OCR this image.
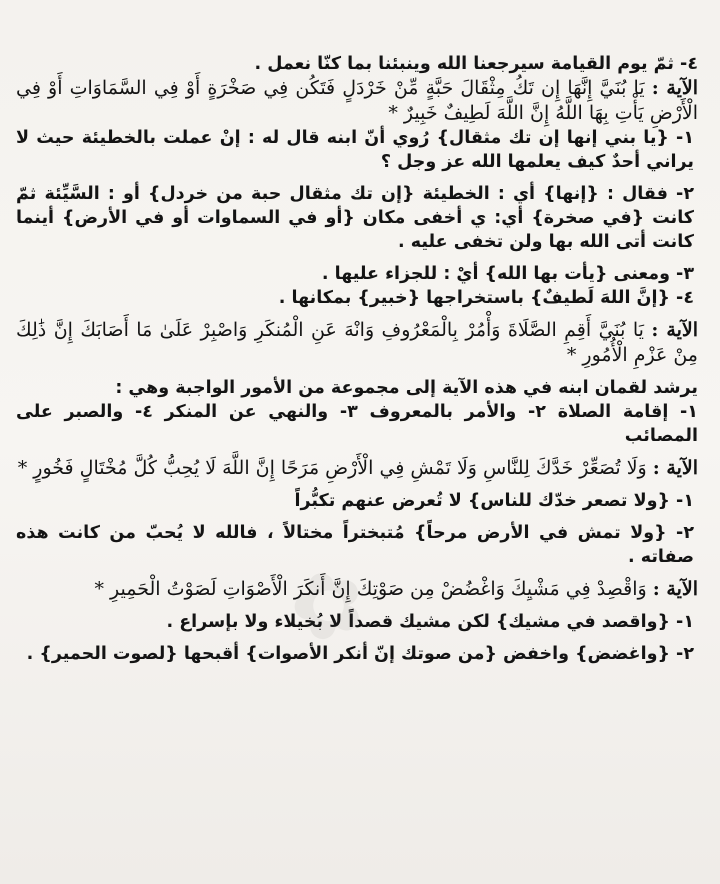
✿
٤- ثمّ يوم القيامة سيرجعنا الله وينبئنا بما كنّا نعمل .
الآية : يَا بُنَيَّ إِنَّهَا إِن تَكُ مِثْقَالَ حَبَّةٍ مِّنْ خَرْدَلٍ فَتَكُن فِي صَخْرَةٍ أَوْ فِي السَّمَاوَاتِ أَوْ فِي الْأَرْضِ يَأْتِ بِهَا اللَّهُ إِنَّ اللَّهَ لَطِيفٌ خَبِيرٌ *
١- {يا بني إنها إن تك مثقال} رُوي أنّ ابنه قال له : إنْ عملت بالخطيئة حيث لا يراني أحدٌ كيف يعلمها الله عز وجل ؟
٢- فقال : {إنها} أي : الخطيئة {إن تك مثقال حبة من خردل} أو : السَّيِّئة ثمّ كانت {في صخرة} أي: ي أخفى مكان {أو في السماوات أو في الأرض} أينما كانت أتى الله بها ولن تخفى عليه .
٣- ومعنى {يأت بها الله} أيْ : للجزاء عليها .
٤- {إنَّ اللهَ لَطيفٌ} باستخراجها {خبير} بمكانها .
الآية : يَا بُنَيَّ أَقِمِ الصَّلَاةَ وَأْمُرْ بِالْمَعْرُوفِ وَانْهَ عَنِ الْمُنكَرِ وَاصْبِرْ عَلَىٰ مَا أَصَابَكَ إِنَّ ذَٰلِكَ مِنْ عَزْمِ الْأُمُورِ *
يرشد لقمان ابنه في هذه الآية إلى مجموعة من الأمور الواجبة وهي :
١- إقامة الصلاة ٢- والأمر بالمعروف ٣- والنهي عن المنكر ٤- والصبر على المصائب
الآية : وَلَا تُصَعِّرْ خَدَّكَ لِلنَّاسِ وَلَا تَمْشِ فِي الْأَرْضِ مَرَحًا إِنَّ اللَّهَ لَا يُحِبُّ كُلَّ مُخْتَالٍ فَخُورٍ *
١- {ولا تصعر خدّك للناس} لا تُعرض عنهم تكبُّراً
٢- {ولا تمش في الأرض مرحاً} مُتبختراً مختالاً ، فالله لا يُحبّ من كانت هذه صفاته .
الآية : وَاقْصِدْ فِي مَشْيِكَ وَاغْضُضْ مِن صَوْتِكَ إِنَّ أَنكَرَ الْأَصْوَاتِ لَصَوْتُ الْحَمِيرِ *
١- {واقصد في مشيك} لكن مشيك قصداً لا بُخيلاء ولا بإسراع .
٢- {واغضض} واخفض {من صوتك إنّ أنكر الأصوات} أقبحها {لصوت الحمير} .
